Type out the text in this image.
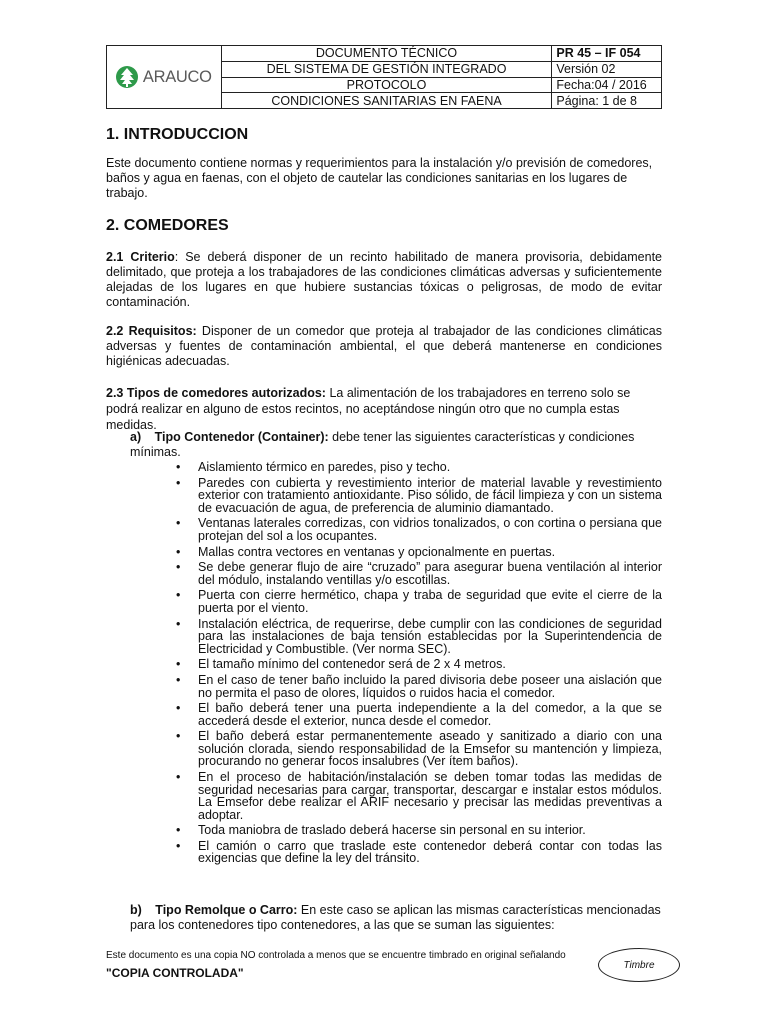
ARAUCO	DOCUMENTO TÉCNICO	PR 45 – IF 054
	DEL SISTEMA DE GESTIÓN INTEGRADO	Versión 02
	PROTOCOLO	Fecha:04 / 2016
	CONDICIONES SANITARIAS EN FAENA	Página: 1 de 8
1. INTRODUCCION

Este documento contiene normas y requerimientos para la instalación y/o previsión de comedores, baños y agua en faenas, con el objeto de cautelar las condiciones sanitarias en los lugares de trabajo.

2. COMEDORES

2.1 Criterio: Se deberá disponer de un recinto habilitado de manera provisoria, debidamente delimitado, que proteja a los trabajadores de las condiciones climáticas adversas y suficientemente alejadas de los lugares en que hubiere sustancias tóxicas o peligrosas, de modo de evitar contaminación.

2.2 Requisitos: Disponer de un comedor que proteja al trabajador de las condiciones climáticas adversas y fuentes de contaminación ambiental, el que deberá mantenerse en condiciones higiénicas adecuadas.

2.3 Tipos de comedores autorizados: La alimentación de los trabajadores en terreno solo se podrá realizar en alguno de estos recintos, no aceptándose ningún otro que no cumpla estas medidas.

a) Tipo Contenedor (Container): debe tener las siguientes características y condiciones mínimas.
• Aislamiento térmico en paredes, piso y techo.
• Paredes con cubierta y revestimiento interior de material lavable y revestimiento exterior con tratamiento antioxidante. Piso sólido, de fácil limpieza y con un sistema de evacuación de agua, de preferencia de aluminio diamantado.
• Ventanas laterales corredizas, con vidrios tonalizados, o con cortina o persiana que protejan del sol a los ocupantes.
• Mallas contra vectores en ventanas y opcionalmente en puertas.
• Se debe generar flujo de aire “cruzado” para asegurar buena ventilación al interior del módulo, instalando ventillas y/o escotillas.
• Puerta con cierre hermético, chapa y traba de seguridad que evite el cierre de la puerta por el viento.
• Instalación eléctrica, de requerirse, debe cumplir con las condiciones de seguridad para las instalaciones de baja tensión establecidas por la Superintendencia de Electricidad y Combustible. (Ver norma SEC).
• El tamaño mínimo del contenedor será de 2 x 4 metros.
• En el caso de tener baño incluido la pared divisoria debe poseer una aislación que no permita el paso de olores, líquidos o ruidos hacia el comedor.
• El baño deberá tener una puerta independiente a la del comedor, a la que se accederá desde el exterior, nunca desde el comedor.
• El baño deberá estar permanentemente aseado y sanitizado a diario con una solución clorada, siendo responsabilidad de la Emsefor su mantención y limpieza, procurando no generar focos insalubres (Ver ítem baños).
• En el proceso de habitación/instalación se deben tomar todas las medidas de seguridad necesarias para cargar, transportar, descargar e instalar estos módulos. La Emsefor debe realizar el ARIF necesario y precisar las medidas preventivas a adoptar.
• Toda maniobra de traslado deberá hacerse sin personal en su interior.
• El camión o carro que traslade este contenedor deberá contar con todas las exigencias que define la ley del tránsito.
b) Tipo Remolque o Carro: En este caso se aplican las mismas características mencionadas para los contenedores tipo contenedores, a las que se suman las siguientes:
Este documento es una copia NO controlada a menos que se encuentre timbrado en original señalando
"COPIA CONTROLADA"
Timbre
